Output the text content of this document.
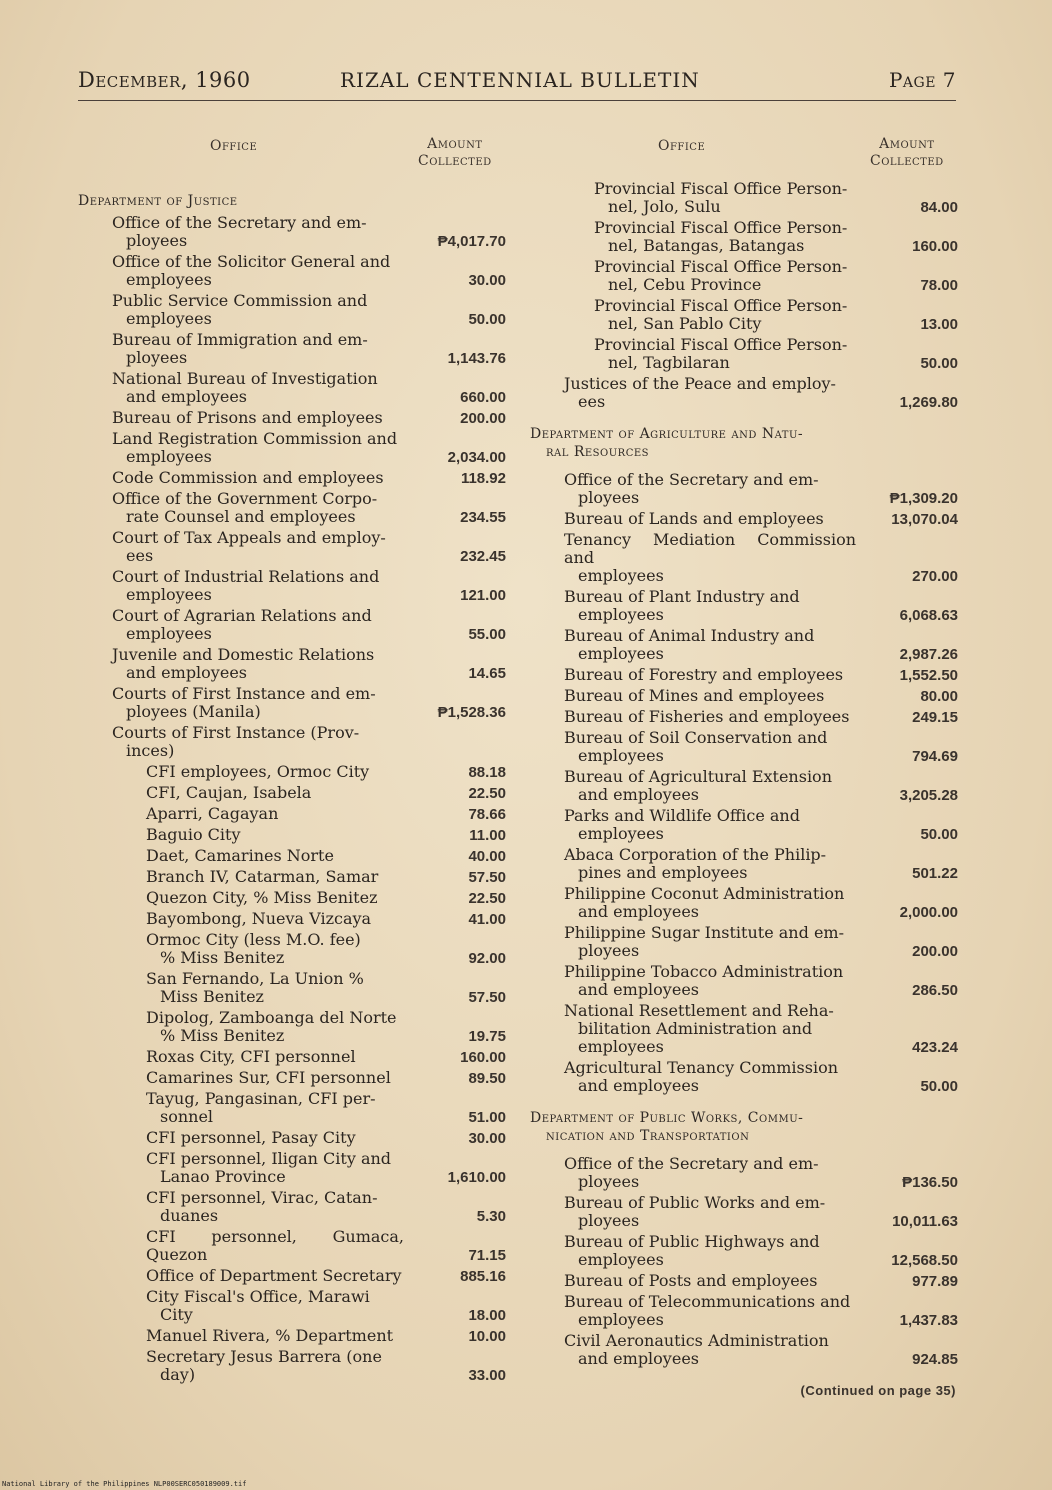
December, 1960	RIZAL CENTENNIAL BULLETIN	Page 7
Office	Amount
Collected
Department of Justice
Office of the Secretary and em-
ployees	₱4,017.70
Office of the Solicitor General and
employees	30.00
Public Service Commission and
employees	50.00
Bureau of Immigration and em-
ployees	1,143.76
National Bureau of Investigation
and employees	660.00
Bureau of Prisons and employees	200.00
Land Registration Commission and
employees	2,034.00
Code Commission and employees	118.92
Office of the Government Corpo-
rate Counsel and employees	234.55
Court of Tax Appeals and employ-
ees	232.45
Court of Industrial Relations and
employees	121.00
Court of Agrarian Relations and
employees	55.00
Juvenile and Domestic Relations
and employees	14.65
Courts of First Instance and em-
ployees (Manila)	₱1,528.36
Courts of First Instance (Prov-
inces)
CFI employees, Ormoc City	88.18
CFI, Caujan, Isabela	22.50
Aparri, Cagayan	78.66
Baguio City	11.00
Daet, Camarines Norte	40.00
Branch IV, Catarman, Samar	57.50
Quezon City, % Miss Benitez	22.50
Bayombong, Nueva Vizcaya	41.00
Ormoc City (less M.O. fee)
% Miss Benitez	92.00
San Fernando, La Union %
Miss Benitez	57.50
Dipolog, Zamboanga del Norte
% Miss Benitez	19.75
Roxas City, CFI personnel	160.00
Camarines Sur, CFI personnel	89.50
Tayug, Pangasinan, CFI per-
sonnel	51.00
CFI personnel, Pasay City	30.00
CFI personnel, Iligan City and
Lanao Province	1,610.00
CFI personnel, Virac, Catan-
duanes	5.30
CFI personnel, Gumaca, Quezon	71.15
Office of Department Secretary	885.16
City Fiscal's Office, Marawi
City	18.00
Manuel Rivera, % Department	10.00
Secretary Jesus Barrera (one
day)	33.00
Office	Amount
Collected
Provincial Fiscal Office Person-
nel, Jolo, Sulu	84.00
Provincial Fiscal Office Person-
nel, Batangas, Batangas	160.00
Provincial Fiscal Office Person-
nel, Cebu Province	78.00
Provincial Fiscal Office Person-
nel, San Pablo City	13.00
Provincial Fiscal Office Person-
nel, Tagbilaran	50.00
Justices of the Peace and employ-
ees	1,269.80
Department of Agriculture and Natu-
ral Resources
Office of the Secretary and em-
ployees	₱1,309.20
Bureau of Lands and employees	13,070.04
Tenancy Mediation Commission and
employees	270.00
Bureau of Plant Industry and
employees	6,068.63
Bureau of Animal Industry and
employees	2,987.26
Bureau of Forestry and employees	1,552.50
Bureau of Mines and employees	80.00
Bureau of Fisheries and employees	249.15
Bureau of Soil Conservation and
employees	794.69
Bureau of Agricultural Extension
and employees	3,205.28
Parks and Wildlife Office and
employees	50.00
Abaca Corporation of the Philip-
pines and employees	501.22
Philippine Coconut Administration
and employees	2,000.00
Philippine Sugar Institute and em-
ployees	200.00
Philippine Tobacco Administration
and employees	286.50
National Resettlement and Reha-
bilitation Administration and
employees	423.24
Agricultural Tenancy Commission
and employees	50.00
Department of Public Works, Commu-
nication and Transportation
Office of the Secretary and em-
ployees	₱136.50
Bureau of Public Works and em-
ployees	10,011.63
Bureau of Public Highways and
employees	12,568.50
Bureau of Posts and employees	977.89
Bureau of Telecommunications and
employees	1,437.83
Civil Aeronautics Administration
and employees	924.85
(Continued on page 35)
National Library of the Philippines NLP00SERC050189009.tif
